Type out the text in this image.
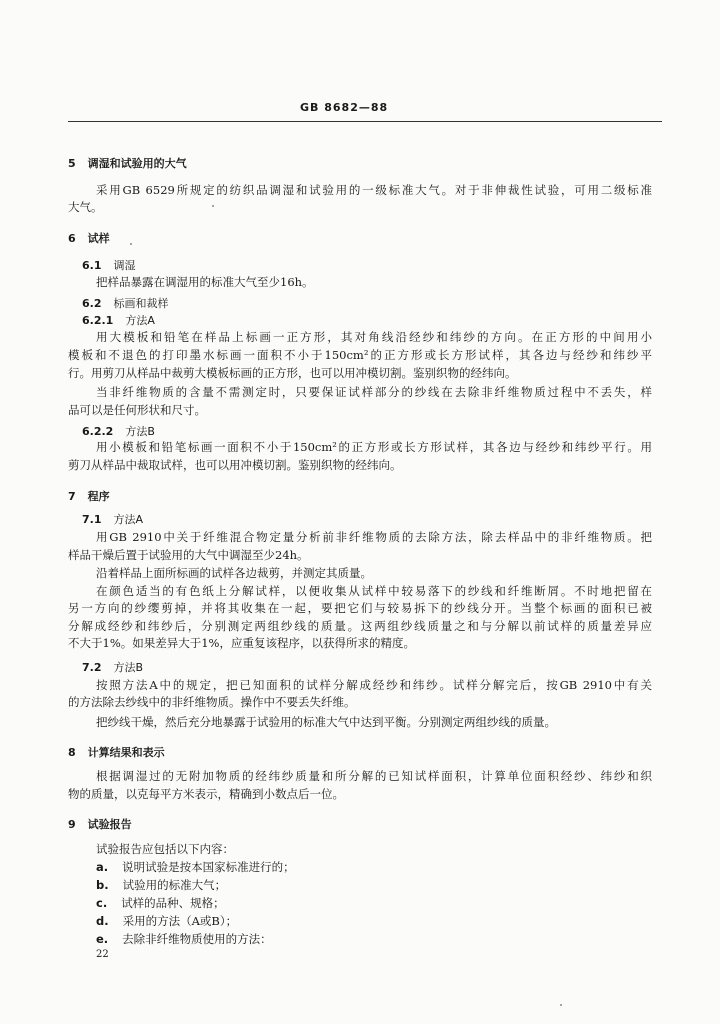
GB 8682—88
5 调湿和试验用的大气
采用GB 6529所规定的纺织品调湿和试验用的一级标准大气。对于非伸裁性试验，可用二级标准
大气。
6 试样
6.1 调湿
把样品暴露在调湿用的标准大气至少16h。
6.2 标画和裁样
6.2.1 方法A
用大模板和铅笔在样品上标画一正方形，其对角线沿经纱和纬纱的方向。在正方形的中间用小
模板和不退色的打印墨水标画一面积不小于150cm²的正方形或长方形试样，其各边与经纱和纬纱平
行。用剪刀从样品中裁剪大模板标画的正方形，也可以用冲模切割。鉴别织物的经纬向。
当非纤维物质的含量不需测定时，只要保证试样部分的纱线在去除非纤维物质过程中不丢失，样
品可以是任何形状和尺寸。
6.2.2 方法B
用小模板和铅笔标画一面积不小于150cm²的正方形或长方形试样，其各边与经纱和纬纱平行。用
剪刀从样品中裁取试样，也可以用冲模切割。鉴别织物的经纬向。
7 程序
7.1 方法A
用GB 2910中关于纤维混合物定量分析前非纤维物质的去除方法，除去样品中的非纤维物质。把
样品干燥后置于试验用的大气中调湿至少24h。
沿着样品上面所标画的试样各边裁剪，并测定其质量。
在颜色适当的有色纸上分解试样，以便收集从试样中较易落下的纱线和纤维断屑。不时地把留在
另一方向的纱缨剪掉，并将其收集在一起，要把它们与较易拆下的纱线分开。当整个标画的面积已被
分解成经纱和纬纱后，分别测定两组纱线的质量。这两组纱线质量之和与分解以前试样的质量差异应
不大于1%。如果差异大于1%，应重复该程序，以获得所求的精度。
7.2 方法B
按照方法A中的规定，把已知面积的试样分解成经纱和纬纱。试样分解完后，按GB 2910中有关
的方法除去纱线中的非纤维物质。操作中不要丢失纤维。
把纱线干燥，然后充分地暴露于试验用的标准大气中达到平衡。分别测定两组纱线的质量。
8 计算结果和表示
根据调湿过的无附加物质的经纬纱质量和所分解的已知试样面积，计算单位面积经纱、纬纱和织
物的质量，以克每平方米表示，精确到小数点后一位。
9 试验报告
试验报告应包括以下内容：
a. 说明试验是按本国家标准进行的；
b. 试验用的标准大气；
c. 试样的品种、规格；
d. 采用的方法（A或B）；
e. 去除非纤维物质使用的方法：
22
